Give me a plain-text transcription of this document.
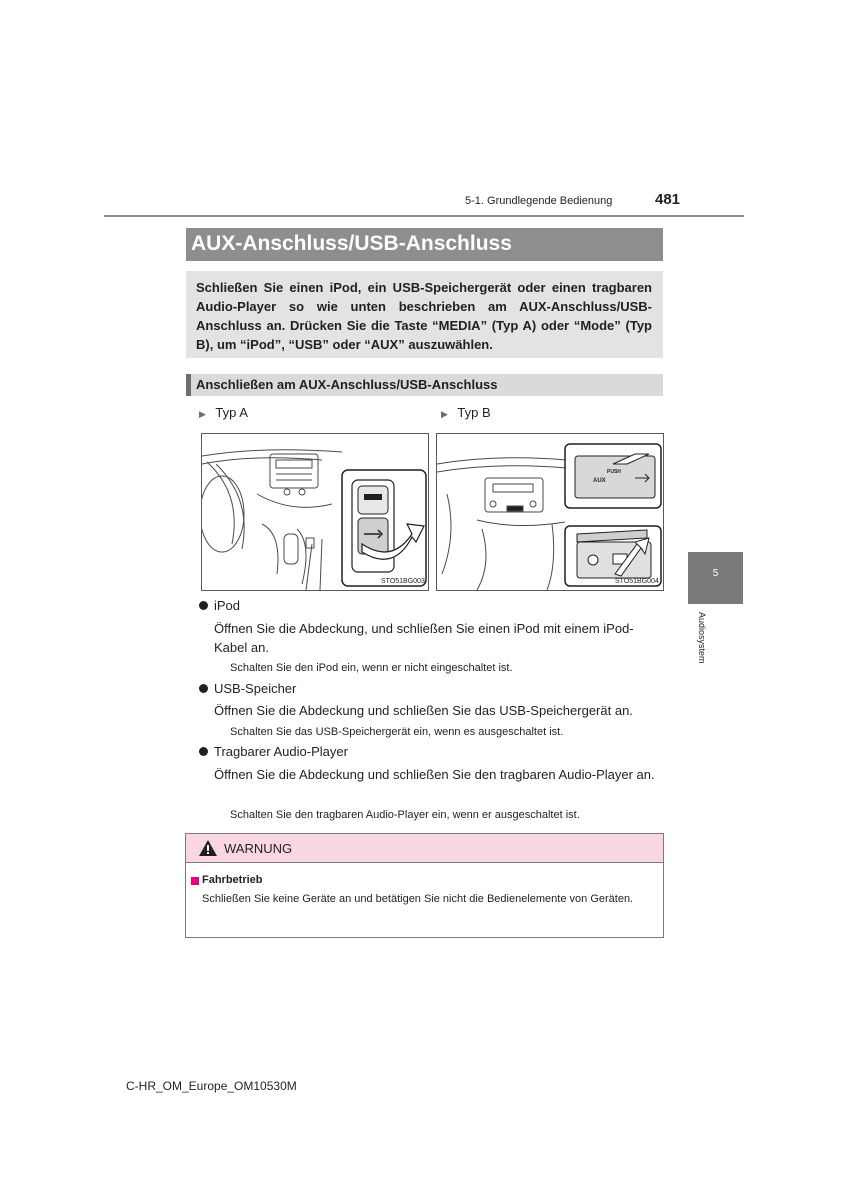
5-1. Grundlegende Bedienung	481
AUX-Anschluss/USB-Anschluss
Schließen Sie einen iPod, ein USB-Speichergerät oder einen tragbaren Audio-Player so wie unten beschrieben am AUX-Anschluss/USB-Anschluss an. Drücken Sie die Taste “MEDIA” (Typ A) oder “Mode” (Typ B), um “iPod”, “USB” oder “AUX” auszuwählen.
Anschließen am AUX-Anschluss/USB-Anschluss
▶ Typ A	▶ Typ B
STO51BG003
PUSH
AUX
STO51BG004
iPod
Öffnen Sie die Abdeckung, und schließen Sie einen iPod mit einem iPod-Kabel an.
Schalten Sie den iPod ein, wenn er nicht eingeschaltet ist.
USB-Speicher
Öffnen Sie die Abdeckung und schließen Sie das USB-Speichergerät an.
Schalten Sie das USB-Speichergerät ein, wenn es ausgeschaltet ist.
Tragbarer Audio-Player
Öffnen Sie die Abdeckung und schließen Sie den tragbaren Audio-Player an.
Schalten Sie den tragbaren Audio-Player ein, wenn er ausgeschaltet ist.
WARNUNG
Fahrbetrieb
Schließen Sie keine Geräte an und betätigen Sie nicht die Bedienelemente von Geräten.
5
Audiosystem
C-HR_OM_Europe_OM10530M
